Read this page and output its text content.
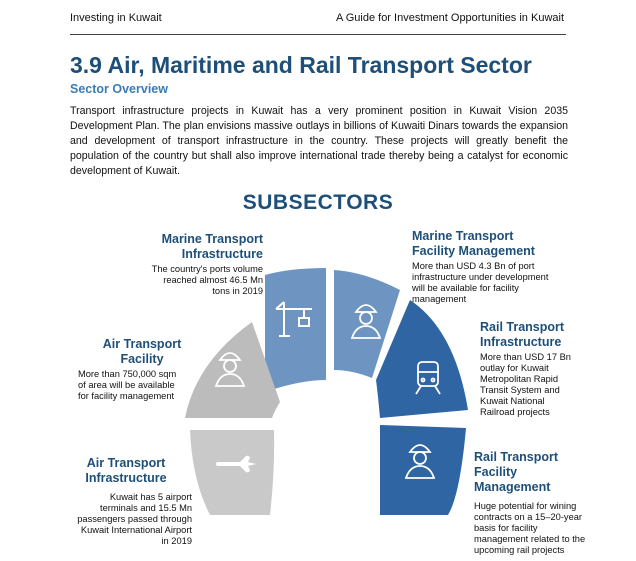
Investing in Kuwait	A Guide for Investment Opportunities in Kuwait
3.9 Air, Maritime and Rail Transport Sector
Sector Overview
Transport infrastructure projects in Kuwait has a very prominent position in Kuwait Vision 2035 Development Plan. The plan envisions massive outlays in billions of Kuwaiti Dinars towards the expansion and development of transport infrastructure in the country. These projects will greatly benefit the population of the country but shall also improve international trade thereby being a catalyst for economic development of Kuwait.
SUBSECTORS
Marine Transport
Infrastructure
The country's ports volume
reached almost 46.5 Mn
tons in 2019
Marine Transport
Facility Management
More than USD 4.3 Bn of port
infrastructure under development
will be available for facility
management
Rail Transport
Infrastructure
More than USD 17 Bn
outlay for Kuwait
Metropolitan Rapid
Transit System and
Kuwait National
Railroad projects
Rail Transport
Facility
Management
Huge potential for wining
contracts on a 15–20-year
basis for facility
management related to the
upcoming rail projects
Air Transport
Facility
More than 750,000 sqm
of area will be available
for facility management
Air Transport
Infrastructure
Kuwait has 5 airport
terminals and 15.5 Mn
passengers passed through
Kuwait International Airport
in 2019
